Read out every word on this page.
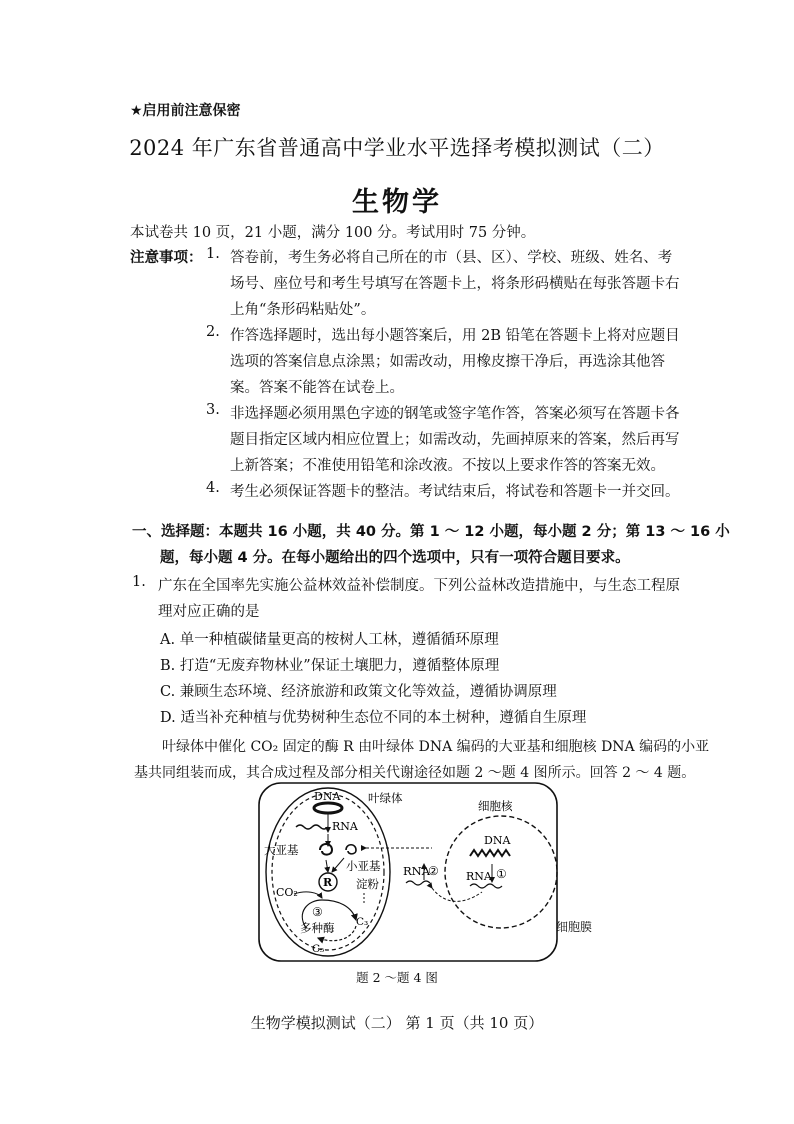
★启用前注意保密
2024 年广东省普通高中学业水平选择考模拟测试（二）
生物学
本试卷共 10 页，21 小题，满分 100 分。考试用时 75 分钟。
注意事项： 1. 答卷前，考生务必将自己所在的市（县、区）、学校、班级、姓名、考
场号、座位号和考生号填写在答题卡上，将条形码横贴在每张答题卡右
上角“条形码粘贴处”。
2. 作答选择题时，选出每小题答案后，用 2B 铅笔在答题卡上将对应题目
选项的答案信息点涂黑；如需改动，用橡皮擦干净后，再选涂其他答
案。答案不能答在试卷上。
3. 非选择题必须用黑色字迹的钢笔或签字笔作答，答案必须写在答题卡各
题目指定区域内相应位置上；如需改动，先画掉原来的答案，然后再写
上新答案；不准使用铅笔和涂改液。不按以上要求作答的答案无效。
4. 考生必须保证答题卡的整洁。考试结束后，将试卷和答题卡一并交回。
一、选择题：本题共 16 小题，共 40 分。第 1 ～ 12 小题，每小题 2 分；第 13 ～ 16 小
题，每小题 4 分。在每小题给出的四个选项中，只有一项符合题目要求。
1. 广东在全国率先实施公益林效益补偿制度。下列公益林改造措施中，与生态工程原
理对应正确的是
A. 单一种植碳储量更高的桉树人工林，遵循循环原理
B. 打造“无废弃物林业”保证土壤肥力，遵循整体原理
C. 兼顾生态环境、经济旅游和政策文化等效益，遵循协调原理
D. 适当补充种植与优势树种生态位不同的本土树种，遵循自生原理
叶绿体中催化 CO₂ 固定的酶 R 由叶绿体 DNA 编码的大亚基和细胞核 DNA 编码的小亚
基共同组装而成，其合成过程及部分相关代谢途径如题 2 ～题 4 图所示。回答 2 ～ 4 题。
DNA
RNA
大亚基
小亚基
R 淀粉
CO₂
③
多种酶 C₃
C₅
RNA
②
DNA
RNA ①
叶绿体
细胞核
细胞膜
题 2 ～题 4 图
生物学模拟测试（二） 第 1 页（共 10 页）
